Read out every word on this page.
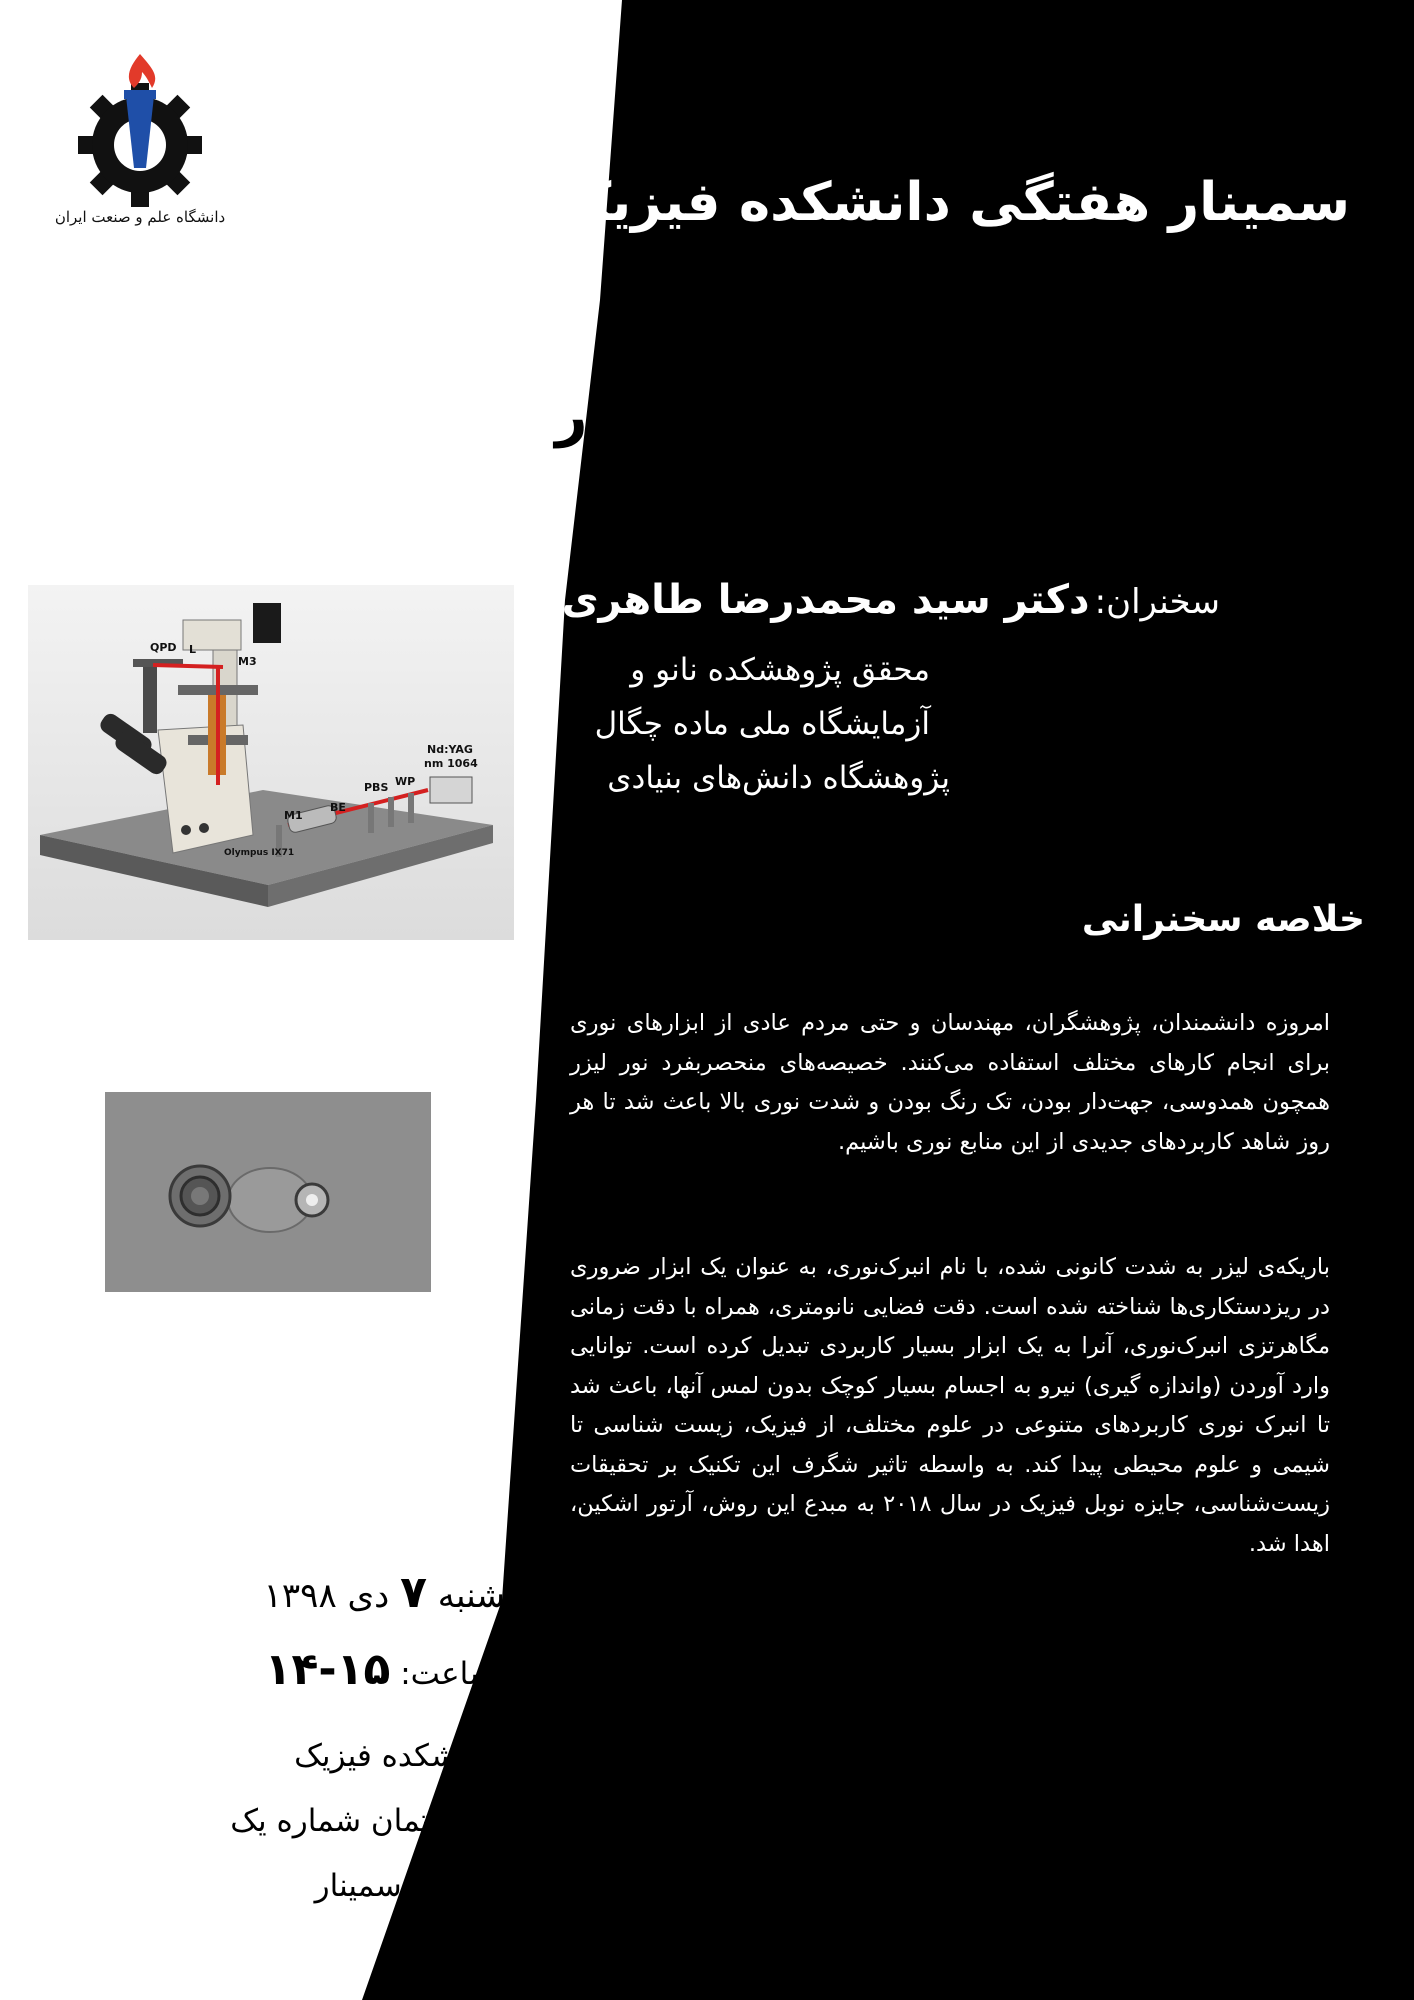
دانشگاه علم و صنعت ایران	سمینار هفتگی دانشکده فیزیک
ابزارهایی از جنس نور: انبرک نوری
سخنران: دکتر سید محمدرضا طاهری
محقق پژوهشکده نانو و
آزمایشگاه ملی ماده چگال
پژوهشگاه دانش‌های بنیادی
QPD L
M3
M1
BE
PBS WP
Nd:YAG
nm 1064
Olympus IX71
خلاصه سخنرانی
امروزه دانشمندان، پژوهشگران، مهندسان و حتی مردم عادی از ابزارهای نوری برای انجام کارهای مختلف استفاده می‌کنند. خصیصه‌های منحصربفرد نور لیزر همچون همدوسی، جهت‌دار بودن، تک رنگ بودن و شدت نوری بالا باعث شد تا هر روز شاهد کاربردهای جدیدی از این منابع نوری باشیم.
باریکه‌ی لیزر به شدت کانونی شده، با نام انبرک‌نوری، به عنوان یک ابزار ضروری در ریزدستکاری‌ها شناخته شده است. دقت فضایی نانومتری، همراه با دقت زمانی مگاهرتزی انبرک‌نوری، آنرا به یک ابزار بسیار کاربردی تبدیل کرده است. توانایی وارد آوردن (واندازه گیری) نیرو به اجسام بسیار کوچک بدون لمس آنها، باعث شد تا انبرک نوری کاربردهای متنوعی در علوم مختلف، از فیزیک، زیست شناسی تا شیمی و علوم محیطی پیدا کند. به واسطه تاثیر شگرف این تکنیک بر تحقیقات زیست‌شناسی، جایزه نوبل فیزیک در سال ۲۰۱۸ به مبدع این روش، آرتور اشکین، اهدا شد.
شنبه ۷ دی ۱۳۹۸
ساعت: ۱۵-۱۴
دانشکده فیزیک
ساختمان شماره یک
سالن سمینار
